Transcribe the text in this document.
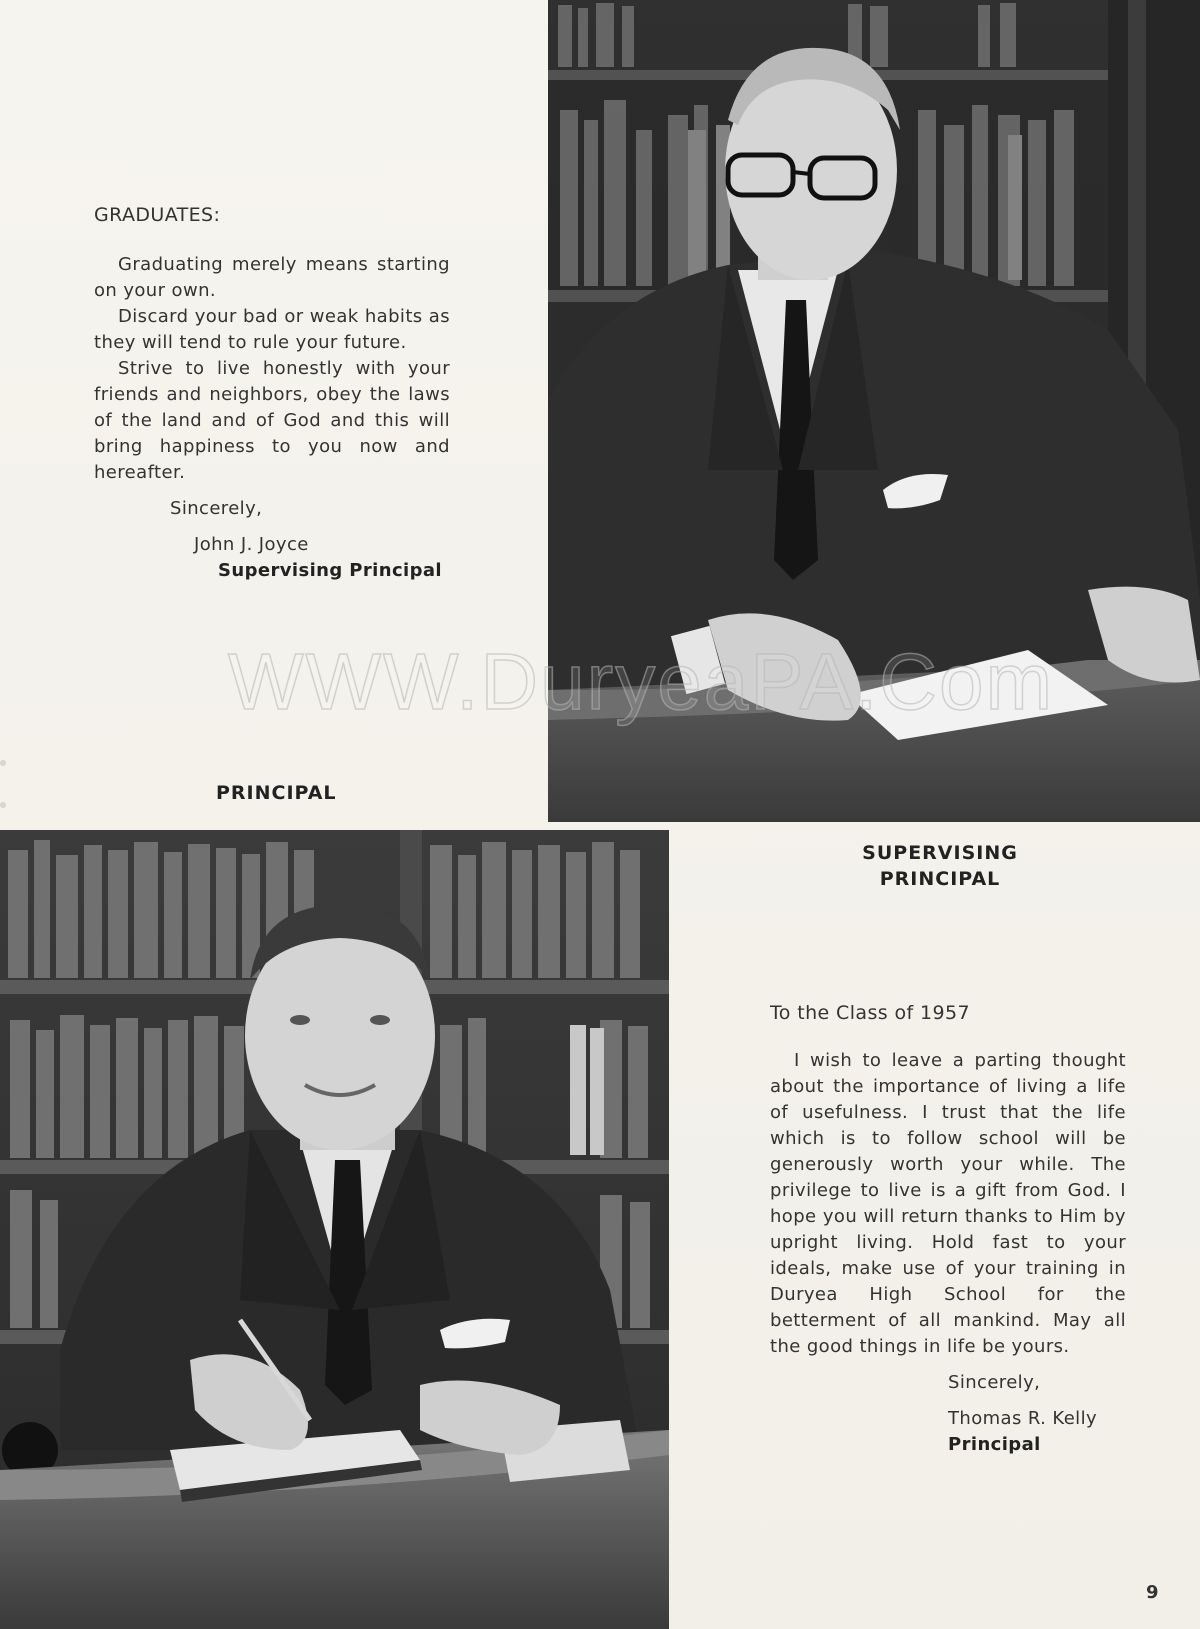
GRADUATES:

Graduating merely means starting on your own.

Discard your bad or weak habits as they will tend to rule your future.

Strive to live honestly with your friends and neighbors, obey the laws of the land and of God and this will bring happiness to you now and hereafter.

Sincerely,

John J. Joyce

Supervising Principal

PRINCIPAL
SUPERVISING
PRINCIPAL

To the Class of 1957

I wish to leave a parting thought about the importance of living a life of usefulness. I trust that the life which is to follow school will be generously worth your while. The privilege to live is a gift from God. I hope you will return thanks to Him by upright living. Hold fast to your ideals, make use of your training in Duryea High School for the betterment of all mankind. May all the good things in life be yours.

Sincerely,

Thomas R. Kelly

Principal

9
